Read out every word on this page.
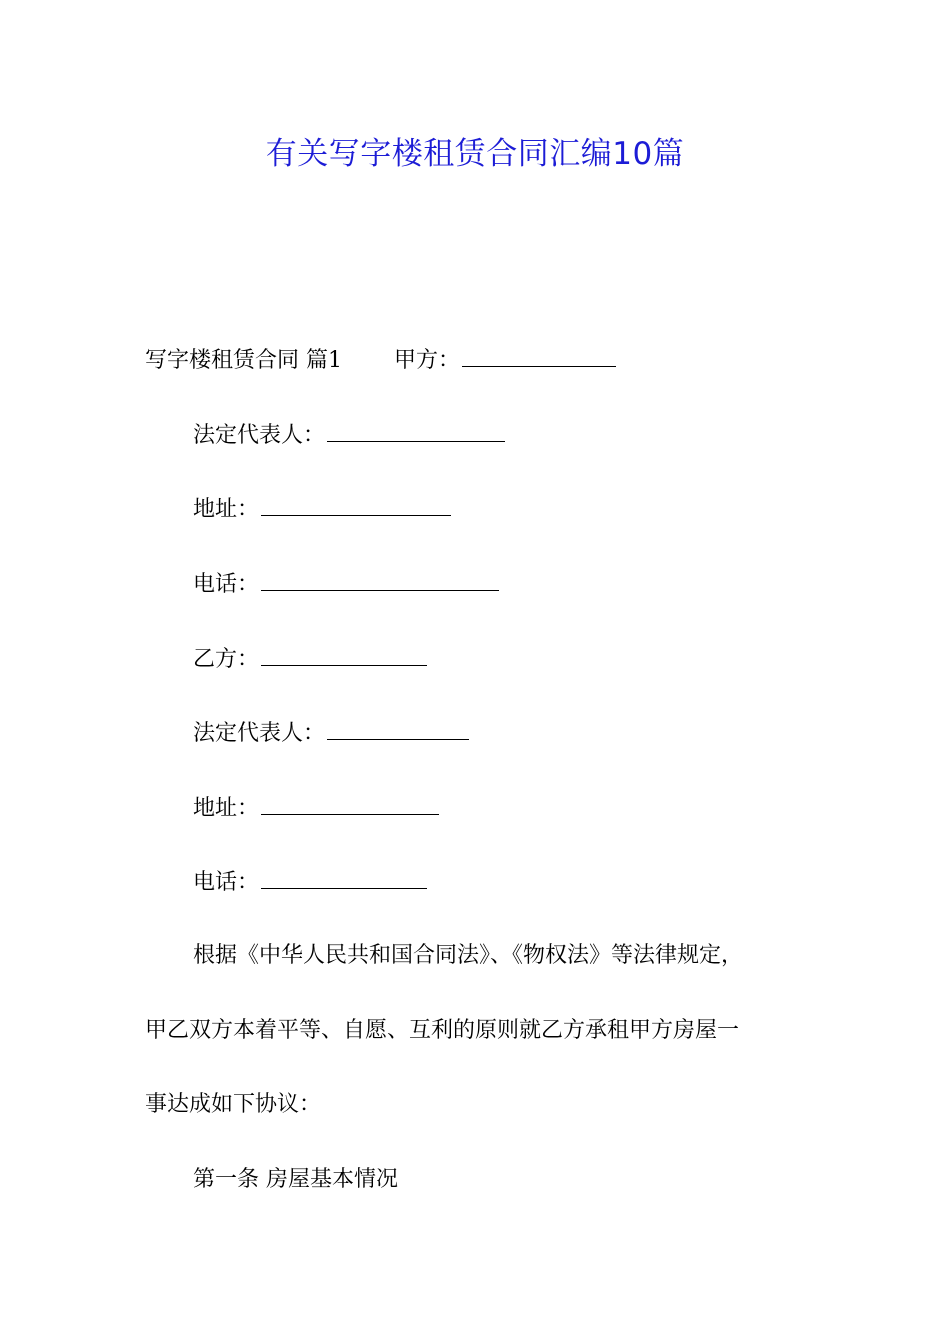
有关写字楼租赁合同汇编10篇
写字楼租赁合同 篇1 甲方：
法定代表人：
地址：
电话：
乙方：
法定代表人：
地址：
电话：
根据《中华人民共和国合同法》、《物权法》等法律规定，
甲乙双方本着平等、自愿、互利的原则就乙方承租甲方房屋一
事达成如下协议：
第一条 房屋基本情况
